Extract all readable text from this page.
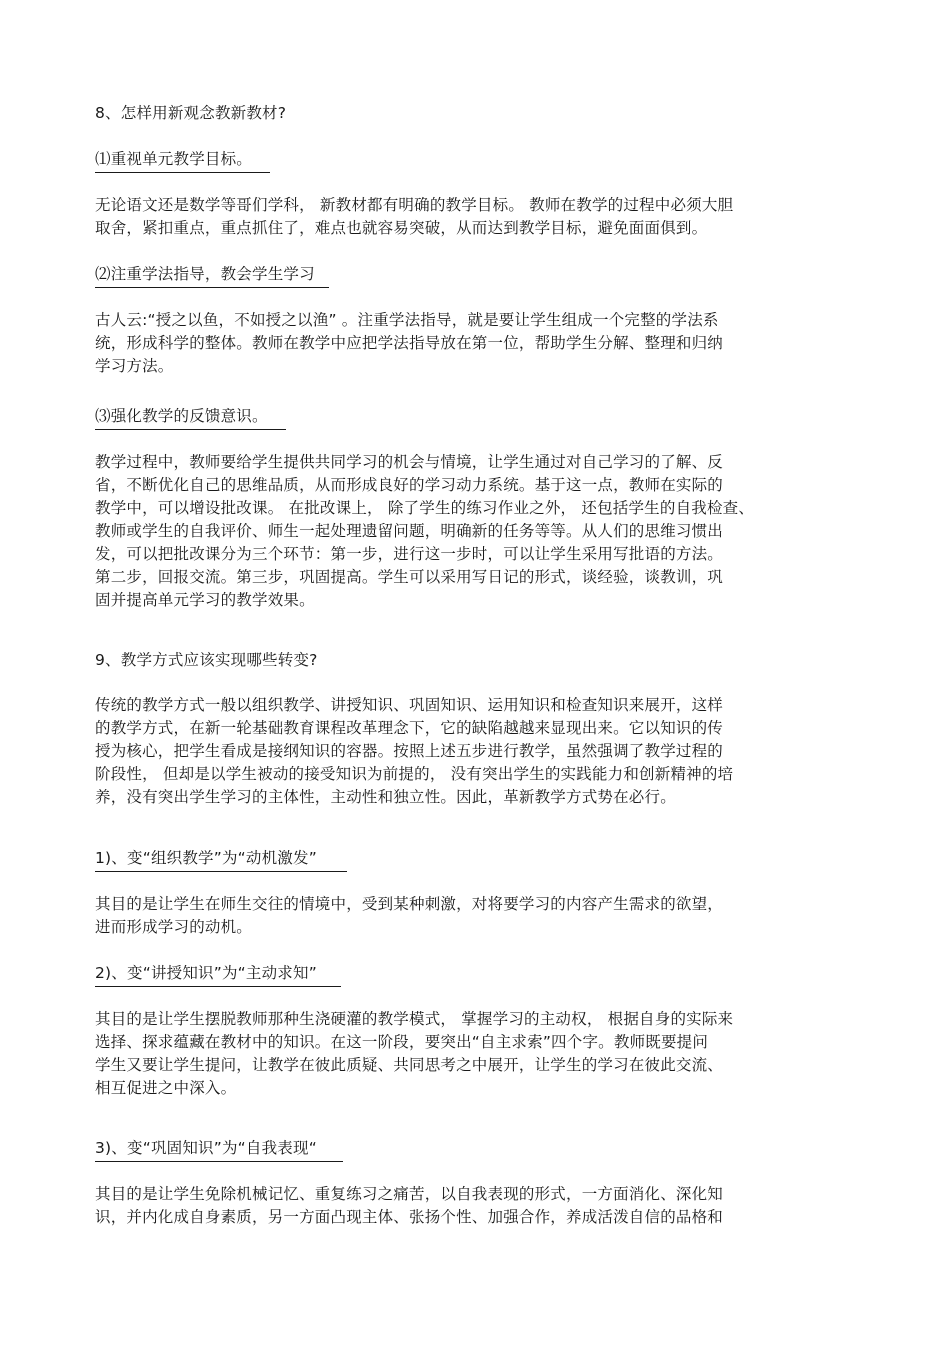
8、怎样用新观念教新教材?

⑴重视单元教学目标。

无论语文还是数学等哥们学科， 新教材都有明确的教学目标。 教师在教学的过程中必须大胆
取舍，紧扣重点，重点抓住了，难点也就容易突破，从而达到教学目标，避免面面俱到。

⑵注重学法指导，教会学生学习

古人云:“授之以鱼，不如授之以渔” 。注重学法指导，就是要让学生组成一个完整的学法系
统，形成科学的整体。教师在教学中应把学法指导放在第一位，帮助学生分解、整理和归纳
学习方法。

⑶强化教学的反馈意识。

教学过程中，教师要给学生提供共同学习的机会与情境，让学生通过对自己学习的了解、反
省，不断优化自己的思维品质，从而形成良好的学习动力系统。基于这一点，教师在实际的
教学中，可以增设批改课。 在批改课上， 除了学生的练习作业之外， 还包括学生的自我检查、
教师或学生的自我评价、师生一起处理遗留问题，明确新的任务等等。从人们的思维习惯出
发，可以把批改课分为三个环节：第一步，进行这一步时，可以让学生采用写批语的方法。
第二步，回报交流。第三步，巩固提高。学生可以采用写日记的形式，谈经验，谈教训，巩
固并提高单元学习的教学效果。

9、教学方式应该实现哪些转变?

传统的教学方式一般以组织教学、讲授知识、巩固知识、运用知识和检查知识来展开，这样
的教学方式，在新一轮基础教育课程改革理念下，它的缺陷越越来显现出来。它以知识的传
授为核心，把学生看成是接纲知识的容器。按照上述五步进行教学，虽然强调了教学过程的
阶段性， 但却是以学生被动的接受知识为前提的， 没有突出学生的实践能力和创新精神的培
养，没有突出学生学习的主体性，主动性和独立性。因此，革新教学方式势在必行。

1)、变“组织教学”为“动机激发”

其目的是让学生在师生交往的情境中，受到某种刺激，对将要学习的内容产生需求的欲望，
进而形成学习的动机。

2)、变“讲授知识”为“主动求知”

其目的是让学生摆脱教师那种生浇硬灌的教学模式， 掌握学习的主动权， 根据自身的实际来
选择、探求蕴藏在教材中的知识。在这一阶段，要突出“自主求索”四个字。教师既要提问
学生又要让学生提问，让教学在彼此质疑、共同思考之中展开，让学生的学习在彼此交流、
相互促进之中深入。

3)、变“巩固知识”为“自我表现“

其目的是让学生免除机械记忆、重复练习之痛苦，以自我表现的形式，一方面消化、深化知
识，并内化成自身素质，另一方面凸现主体、张扬个性、加强合作，养成活泼自信的品格和
